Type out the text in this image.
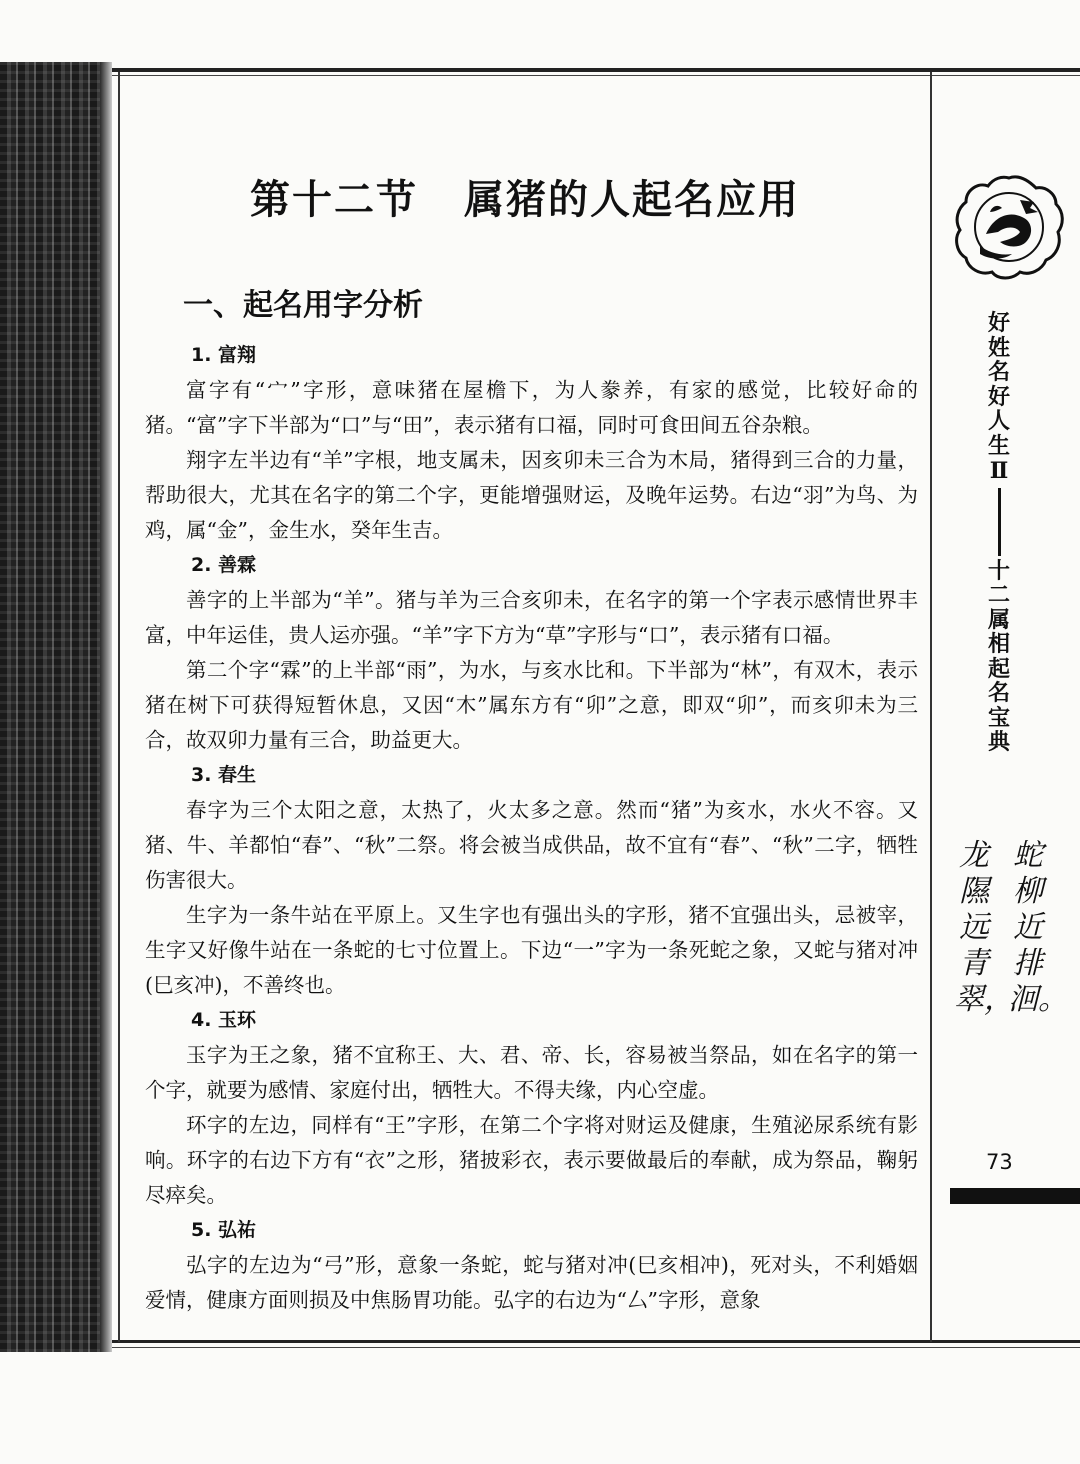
第十二节 属猪的人起名应用
一、起名用字分析

1. 富翔

富字有“宀”字形，意味猪在屋檐下，为人豢养，有家的感觉，比较好命的猪。“富”字下半部为“口”与“田”，表示猪有口福，同时可食田间五谷杂粮。

翔字左半边有“羊”字根，地支属未，因亥卯未三合为木局，猪得到三合的力量，帮助很大，尤其在名字的第二个字，更能增强财运，及晚年运势。右边“羽”为鸟、为鸡，属“金”，金生水，癸年生吉。

2. 善霖

善字的上半部为“羊”。猪与羊为三合亥卯未，在名字的第一个字表示感情世界丰富，中年运佳，贵人运亦强。“羊”字下方为“草”字形与“口”，表示猪有口福。

第二个字“霖”的上半部“雨”，为水，与亥水比和。下半部为“林”，有双木，表示猪在树下可获得短暂休息，又因“木”属东方有“卯”之意，即双“卯”，而亥卯未为三合，故双卯力量有三合，助益更大。

3. 春生

春字为三个太阳之意，太热了，火太多之意。然而“猪”为亥水，水火不容。又猪、牛、羊都怕“春”、“秋”二祭。将会被当成供品，故不宜有“春”、“秋”二字，牺牲伤害很大。

生字为一条牛站在平原上。又生字也有强出头的字形，猪不宜强出头，忌被宰，生字又好像牛站在一条蛇的七寸位置上。下边“一”字为一条死蛇之象，又蛇与猪对冲(巳亥冲)，不善终也。

4. 玉环

玉字为王之象，猪不宜称王、大、君、帝、长，容易被当祭品，如在名字的第一个字，就要为感情、家庭付出，牺牲大。不得夫缘，内心空虚。

环字的左边，同样有“王”字形，在第二个字将对财运及健康，生殖泌尿系统有影响。环字的右边下方有“衣”之形，猪披彩衣，表示要做最后的奉献，成为祭品，鞠躬尽瘁矣。

5. 弘祐

弘字的左边为“弓”形，意象一条蛇，蛇与猪对冲(巳亥相冲)，死对头，不利婚姻爱情，健康方面则损及中焦肠胃功能。弘字的右边为“厶”字形，意象

好姓名好人生
Ⅱ
十二属相起名宝典
蛇柳近排洄。
龙隰远青翠，
73
